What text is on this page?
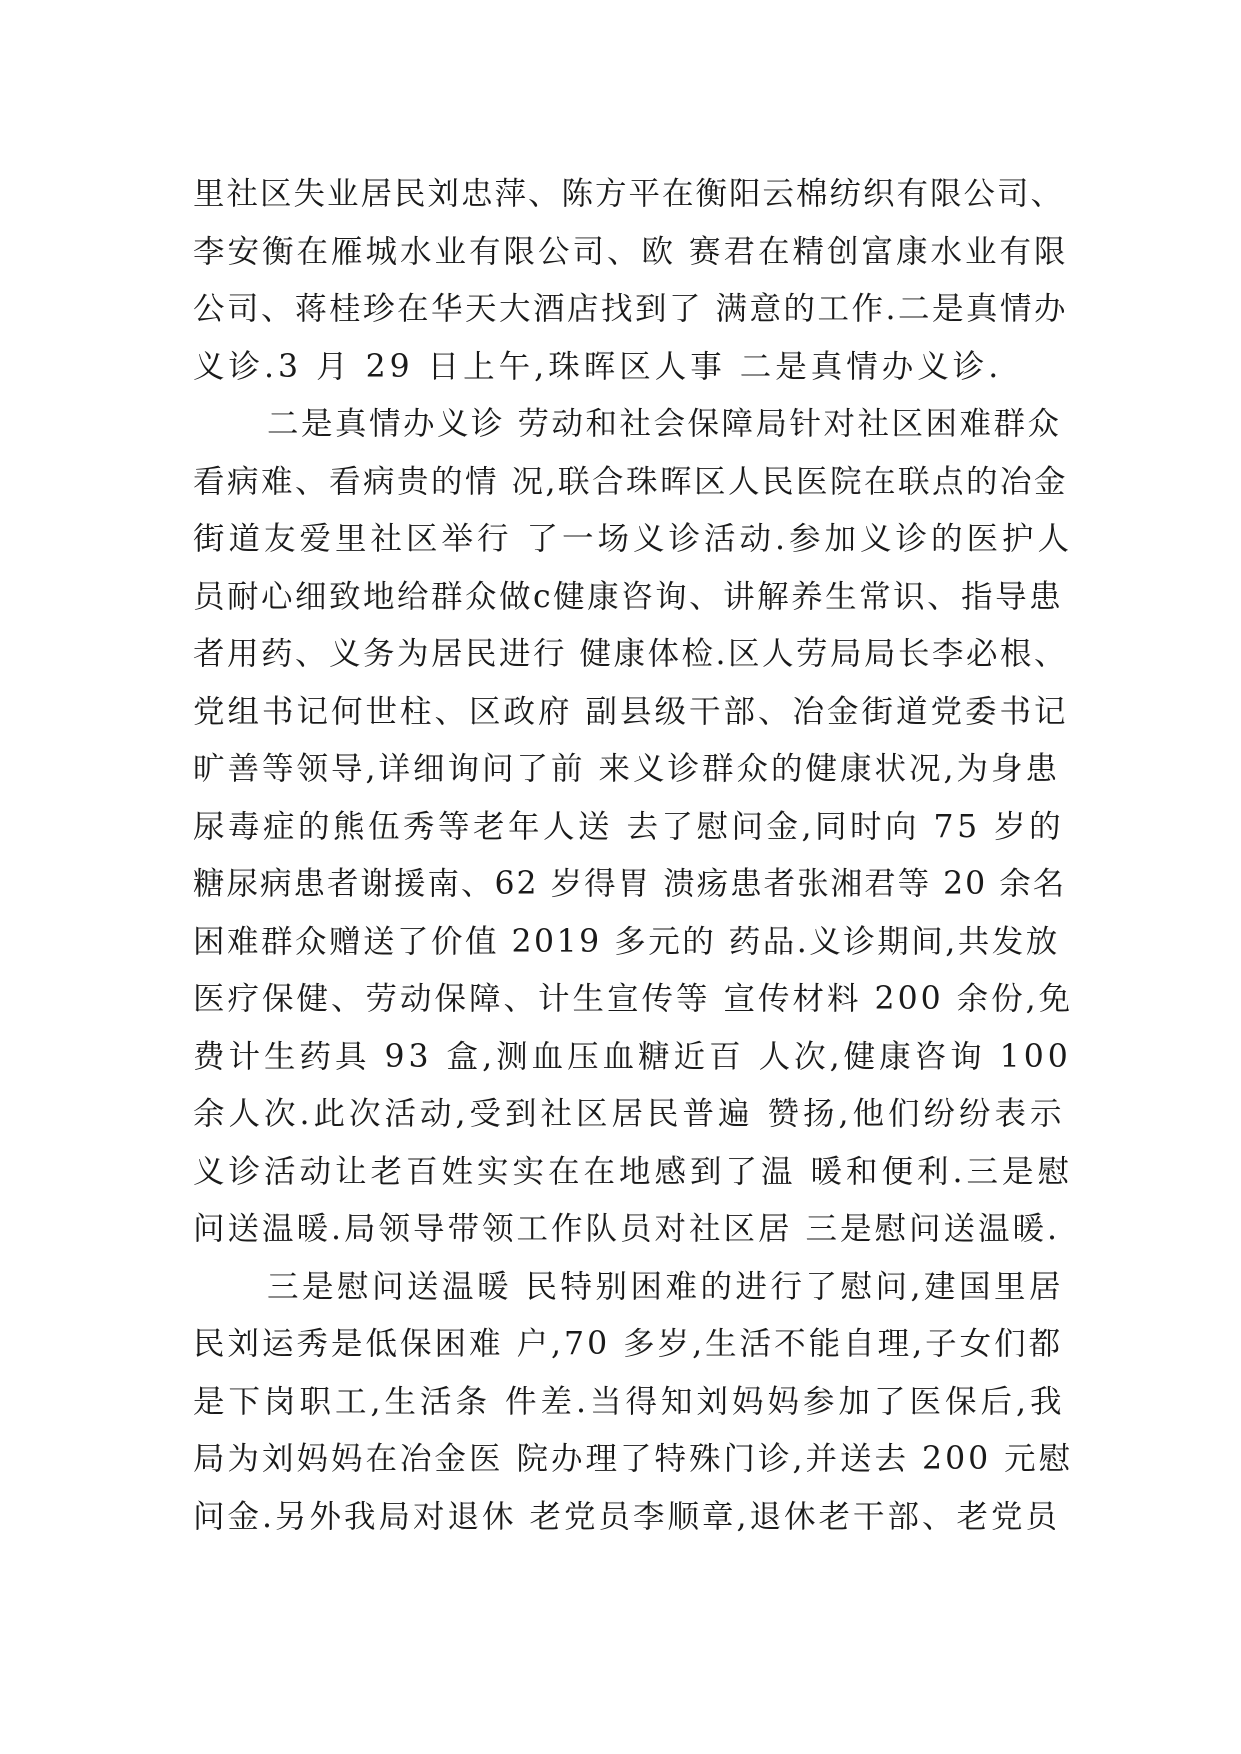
里社区失业居民刘忠萍、陈方平在衡阳云棉纺织有限公司、
李安衡在雁城水业有限公司、欧 赛君在精创富康水业有限
公司、蒋桂珍在华天大酒店找到了 满意的工作.二是真情办
义诊.3 月 29 日上午,珠晖区人事 二是真情办义诊.
二是真情办义诊 劳动和社会保障局针对社区困难群众
看病难、看病贵的情 况,联合珠晖区人民医院在联点的冶金
街道友爱里社区举行 了一场义诊活动.参加义诊的医护人
员耐心细致地给群众做c健康咨询、讲解养生常识、指导患
者用药、义务为居民进行 健康体检.区人劳局局长李必根、
党组书记何世柱、区政府 副县级干部、冶金街道党委书记
旷善等领导,详细询问了前 来义诊群众的健康状况,为身患
尿毒症的熊伍秀等老年人送 去了慰问金,同时向 75 岁的
糖尿病患者谢援南、62 岁得胃 溃疡患者张湘君等 20 余名
困难群众赠送了价值 2019 多元的 药品.义诊期间,共发放
医疗保健、劳动保障、计生宣传等 宣传材料 200 余份,免
费计生药具 93 盒,测血压血糖近百 人次,健康咨询 100
余人次.此次活动,受到社区居民普遍 赞扬,他们纷纷表示
义诊活动让老百姓实实在在地感到了温 暖和便利.三是慰
问送温暖.局领导带领工作队员对社区居 三是慰问送温暖.
三是慰问送温暖 民特别困难的进行了慰问,建国里居
民刘运秀是低保困难 户,70 多岁,生活不能自理,子女们都
是下岗职工,生活条 件差.当得知刘妈妈参加了医保后,我
局为刘妈妈在冶金医 院办理了特殊门诊,并送去 200 元慰
问金.另外我局对退休 老党员李顺章,退休老干部、老党员
